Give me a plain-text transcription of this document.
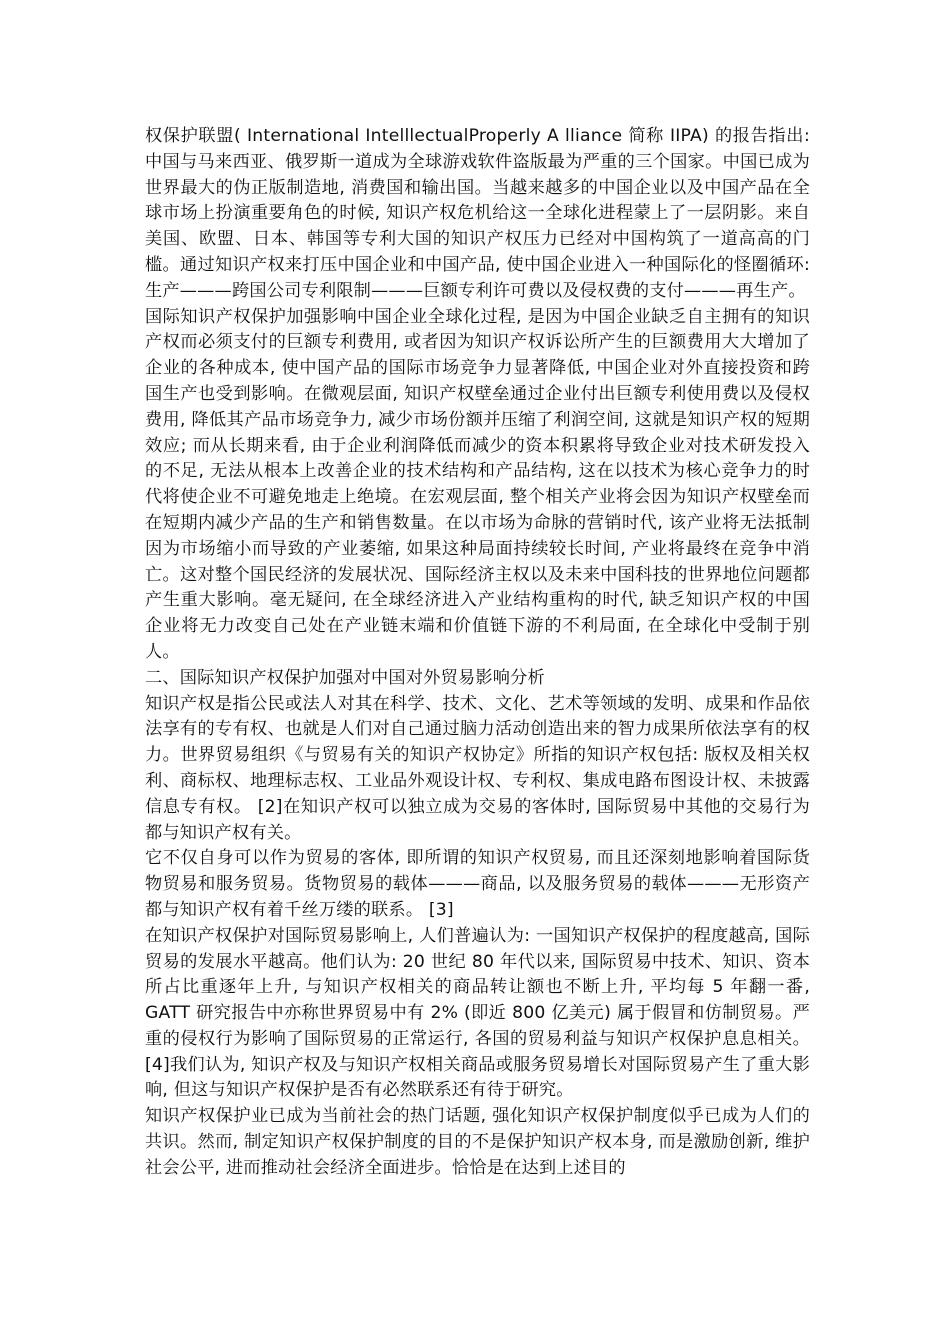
权保护联盟( International IntelllectualProperly A lliance 简称 IIPA) 的报告指出: 中国与马来西亚、俄罗斯一道成为全球游戏软件盗版最为严重的三个国家。中国已成为世界最大的伪正版制造地, 消费国和输出国。当越来越多的中国企业以及中国产品在全球市场上扮演重要角色的时候, 知识产权危机给这一全球化进程蒙上了一层阴影。来自美国、欧盟、日本、韩国等专利大国的知识产权压力已经对中国构筑了一道高高的门槛。通过知识产权来打压中国企业和中国产品, 使中国企业进入一种国际化的怪圈循环: 生产———跨国公司专利限制———巨额专利许可费以及侵权费的支付———再生产。

国际知识产权保护加强影响中国企业全球化过程, 是因为中国企业缺乏自主拥有的知识产权而必须支付的巨额专利费用, 或者因为知识产权诉讼所产生的巨额费用大大增加了企业的各种成本, 使中国产品的国际市场竞争力显著降低, 中国企业对外直接投资和跨国生产也受到影响。在微观层面, 知识产权壁垒通过企业付出巨额专利使用费以及侵权费用, 降低其产品市场竞争力, 减少市场份额并压缩了利润空间, 这就是知识产权的短期效应; 而从长期来看, 由于企业利润降低而减少的资本积累将导致企业对技术研发投入的不足, 无法从根本上改善企业的技术结构和产品结构, 这在以技术为核心竞争力的时代将使企业不可避免地走上绝境。在宏观层面, 整个相关产业将会因为知识产权壁垒而在短期内减少产品的生产和销售数量。在以市场为命脉的营销时代, 该产业将无法抵制因为市场缩小而导致的产业萎缩, 如果这种局面持续较长时间, 产业将最终在竞争中消亡。这对整个国民经济的发展状况、国际经济主权以及未来中国科技的世界地位问题都产生重大影响。毫无疑问, 在全球经济进入产业结构重构的时代, 缺乏知识产权的中国企业将无力改变自己处在产业链末端和价值链下游的不利局面, 在全球化中受制于别人。

二、国际知识产权保护加强对中国对外贸易影响分析

知识产权是指公民或法人对其在科学、技术、文化、艺术等领域的发明、成果和作品依法享有的专有权、也就是人们对自己通过脑力活动创造出来的智力成果所依法享有的权力。世界贸易组织《与贸易有关的知识产权协定》所指的知识产权包括: 版权及相关权利、商标权、地理标志权、工业品外观设计权、专利权、集成电路布图设计权、未披露信息专有权。 [2]在知识产权可以独立成为交易的客体时, 国际贸易中其他的交易行为都与知识产权有关。

它不仅自身可以作为贸易的客体, 即所谓的知识产权贸易, 而且还深刻地影响着国际货物贸易和服务贸易。货物贸易的载体———商品, 以及服务贸易的载体———无形资产都与知识产权有着千丝万缕的联系。 [3]

在知识产权保护对国际贸易影响上, 人们普遍认为: 一国知识产权保护的程度越高, 国际贸易的发展水平越高。他们认为: 20 世纪 80 年代以来, 国际贸易中技术、知识、资本所占比重逐年上升, 与知识产权相关的商品转让额也不断上升, 平均每 5 年翻一番, GATT 研究报告中亦称世界贸易中有 2% (即近 800 亿美元) 属于假冒和仿制贸易。严重的侵权行为影响了国际贸易的正常运行, 各国的贸易利益与知识产权保护息息相关。 [4]我们认为, 知识产权及与知识产权相关商品或服务贸易增长对国际贸易产生了重大影响, 但这与知识产权保护是否有必然联系还有待于研究。

知识产权保护业已成为当前社会的热门话题, 强化知识产权保护制度似乎已成为人们的共识。然而, 制定知识产权保护制度的目的不是保护知识产权本身, 而是激励创新, 维护社会公平, 进而推动社会经济全面进步。恰恰是在达到上述目的
